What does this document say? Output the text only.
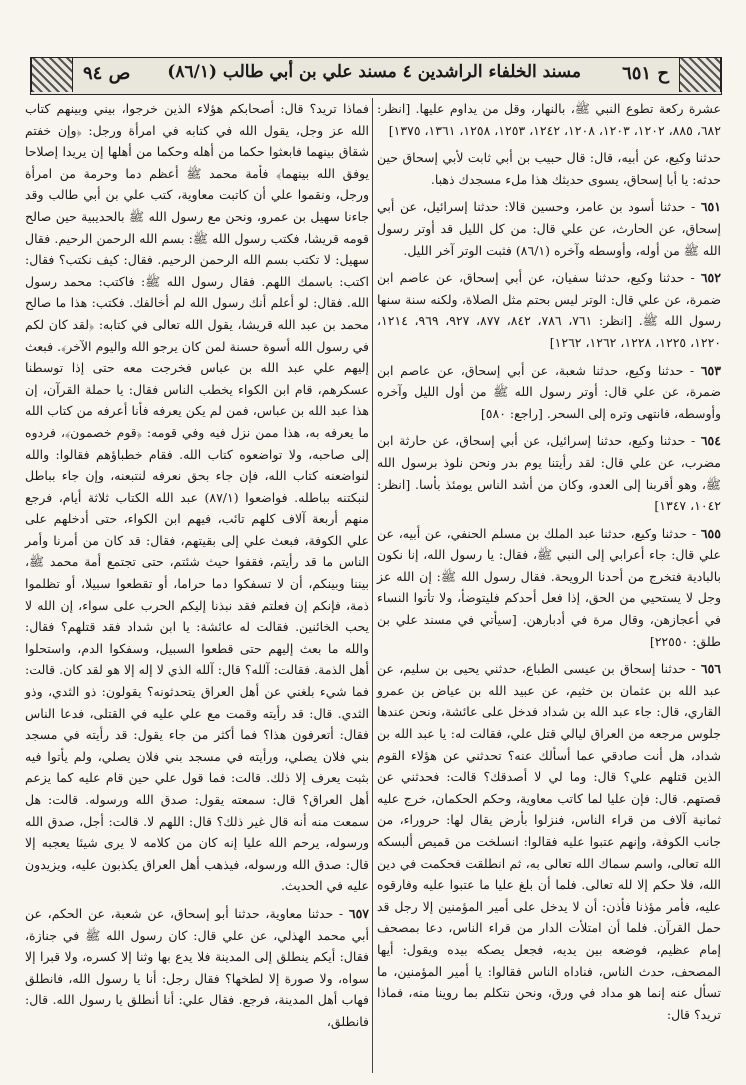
ص ٩٤ مسند الخلفاء الراشدين ٤ مسند علي بن أبي طالب (٨٦/١) ح ٦٥١

عشرة ركعة تطوع النبي ﷺ، بالنهار، وقل من يداوم عليها. [انظر: ٦٨٢، ٨٨٥، ١٢٠٢، ١٢٠٣، ١٢٠٨، ١٢٤٢، ١٢٥٣، ١٢٥٨، ١٣٦١، ١٣٧٥]

حدثنا وكيع، عن أبيه، قال: قال حبيب بن أبي ثابت لأبي إسحاق حين حدثه: يا أبا إسحاق، يسوى حديثك هذا ملء مسجدك ذهبا.

٦٥١ - حدثنا أسود بن عامر، وحسين قالا: حدثنا إسرائيل، عن أبي إسحاق، عن الحارث، عن علي قال: من كل الليل قد أوتر رسول الله ﷺ من أوله، وأوسطه وآخره (٨٦/١) فثبت الوتر آخر الليل.
٦٥٢ - حدثنا وكيع، حدثنا سفيان، عن أبي إسحاق، عن عاصم ابن ضمرة، عن علي قال: الوتر ليس بحتم مثل الصلاة، ولكنه سنة سنها رسول الله ﷺ. [انظر: ٧٦١، ٧٨٦، ٨٤٢، ٨٧٧، ٩٢٧، ٩٦٩، ١٢١٤، ١٢٢٠، ١٢٢٥، ١٢٢٨، ١٢٦٢، ١٢٦٢]
٦٥٣ - حدثنا وكيع، حدثنا شعبة، عن أبي إسحاق، عن عاصم ابن ضمرة، عن علي قال: أوتر رسول الله ﷺ من أول الليل وآخره وأوسطه، فانتهى وتره إلى السحر. [راجع: ٥٨٠]
٦٥٤ - حدثنا وكيع، حدثنا إسرائيل، عن أبي إسحاق، عن حارثة ابن مضرب، عن علي قال: لقد رأيتنا يوم بدر ونحن نلوذ برسول الله ﷺ، وهو أقربنا إلى العدو، وكان من أشد الناس يومئذ بأسا. [انظر: ١٠٤٢، ١٣٤٧]
٦٥٥ - حدثنا وكيع، حدثنا عبد الملك بن مسلم الحنفي، عن أبيه، عن علي قال: جاء أعرابي إلى النبي ﷺ، فقال: يا رسول الله، إنا نكون بالبادية فتخرج من أحدنا الرويحة. فقال رسول الله ﷺ: إن الله عز وجل لا يستحيي من الحق، إذا فعل أحدكم فليتوضأ، ولا تأتوا النساء في أعجازهن، وقال مرة في أدبارهن. [سيأتي في مسند علي بن طلق: ٢٢٥٥٠]
٦٥٦ - حدثنا إسحاق بن عيسى الطباع، حدثني يحيى بن سليم، عن عبد الله بن عثمان بن خثيم، عن عبيد الله بن عياض بن عمرو القاري، قال: جاء عبد الله بن شداد فدخل على عائشة، ونحن عندها جلوس مرجعه من العراق ليالي قتل علي، فقالت له: يا عبد الله بن شداد، هل أنت صادقي عما أسألك عنه؟ تحدثني عن هؤلاء القوم الذين قتلهم علي؟ قال: وما لي لا أصدقك؟ قالت: فحدثني عن قصتهم. قال: فإن عليا لما كاتب معاوية، وحكم الحكمان، خرج عليه ثمانية آلاف من قراء الناس، فنزلوا بأرض يقال لها: حروراء، من جانب الكوفة، وإنهم عتبوا عليه فقالوا: انسلخت من قميص ألبسكه الله تعالى، واسم سماك الله تعالى به، ثم انطلقت فحكمت في دين الله، فلا حكم إلا لله تعالى. فلما أن بلغ عليا ما عتبوا عليه وفارقوه عليه، فأمر مؤذنا فأذن: أن لا يدخل على أمير المؤمنين إلا رجل قد حمل القرآن. فلما أن امتلأت الدار من قراء الناس، دعا بمصحف إمام عظيم، فوضعه بين يديه، فجعل يصكه بيده ويقول: أيها المصحف، حدث الناس، فناداه الناس فقالوا: يا أمير المؤمنين، ما تسأل عنه إنما هو مداد في ورق، ونحن نتكلم بما روينا منه، فماذا تريد؟ قال:

فماذا تريد؟ قال: أصحابكم هؤلاء الذين خرجوا، بيني وبينهم كتاب الله عز وجل، يقول الله في كتابه في امرأة ورجل: ﴿وإن خفتم شقاق بينهما فابعثوا حكما من أهله وحكما من أهلها إن يريدا إصلاحا يوفق الله بينهما﴾ فأمة محمد ﷺ أعظم دما وحرمة من امرأة ورجل، ونقموا علي أن كاتبت معاوية، كتب علي بن أبي طالب وقد جاءنا سهيل بن عمرو، ونحن مع رسول الله ﷺ بالحديبية حين صالح قومه قريشا، فكتب رسول الله ﷺ: بسم الله الرحمن الرحيم. فقال سهيل: لا تكتب بسم الله الرحمن الرحيم. فقال: كيف نكتب؟ فقال: اكتب: باسمك اللهم. فقال رسول الله ﷺ: فاكتب: محمد رسول الله. فقال: لو أعلم أنك رسول الله لم أخالفك. فكتب: هذا ما صالح محمد بن عبد الله قريشا، يقول الله تعالى في كتابه: ﴿لقد كان لكم في رسول الله أسوة حسنة لمن كان يرجو الله واليوم الآخر﴾. فبعث إليهم علي عبد الله بن عباس فخرجت معه حتى إذا توسطنا عسكرهم، قام ابن الكواء يخطب الناس فقال: يا حملة القرآن، إن هذا عبد الله بن عباس، فمن لم يكن يعرفه فأنا أعرفه من كتاب الله ما يعرفه به، هذا ممن نزل فيه وفي قومه: ﴿قوم خصمون﴾، فردوه إلى صاحبه، ولا تواضعوه كتاب الله. فقام خطباؤهم فقالوا: والله لنواضعنه كتاب الله، فإن جاء بحق نعرفه لنتبعنه، وإن جاء بباطل لنبكتنه بباطله. فواضعوا (٨٧/١) عبد الله الكتاب ثلاثة أيام، فرجع منهم أربعة آلاف كلهم تائب، فيهم ابن الكواء، حتى أدخلهم على علي الكوفة، فبعث علي إلى بقيتهم، فقال: قد كان من أمرنا وأمر الناس ما قد رأيتم، فقفوا حيث شئتم، حتى تجتمع أمة محمد ﷺ، بيننا وبينكم، أن لا تسفكوا دما حراما، أو تقطعوا سبيلا، أو تظلموا ذمة، فإنكم إن فعلتم فقد نبذنا إليكم الحرب على سواء، إن الله لا يحب الخائنين. فقالت له عائشة: يا ابن شداد فقد قتلهم؟ فقال: والله ما بعث إليهم حتى قطعوا السبيل، وسفكوا الدم، واستحلوا أهل الذمة. فقالت: آلله؟ قال: آلله الذي لا إله إلا هو لقد كان. قالت: فما شيء بلغني عن أهل العراق يتحدثونه؟ يقولون: ذو الثدي، وذو الثدي. قال: قد رأيته وقمت مع علي عليه في القتلى، فدعا الناس فقال: أتعرفون هذا؟ فما أكثر من جاء يقول: قد رأيته في مسجد بني فلان يصلي، ورأيته في مسجد بني فلان يصلي، ولم يأتوا فيه بثبت يعرف إلا ذلك. قالت: فما قول علي حين قام عليه كما يزعم أهل العراق؟ قال: سمعته يقول: صدق الله ورسوله. قالت: هل سمعت منه أنه قال غير ذلك؟ قال: اللهم لا. قالت: أجل، صدق الله ورسوله، يرحم الله عليا إنه كان من كلامه لا يرى شيئا يعجبه إلا قال: صدق الله ورسوله، فيذهب أهل العراق يكذبون عليه، ويزيدون عليه في الحديث.

٦٥٧ - حدثنا معاوية، حدثنا أبو إسحاق، عن شعبة، عن الحكم، عن أبي محمد الهذلي، عن علي قال: كان رسول الله ﷺ في جنازة، فقال: أيكم ينطلق إلى المدينة فلا يدع بها وثنا إلا كسره، ولا قبرا إلا سواه، ولا صورة إلا لطخها؟ فقال رجل: أنا يا رسول الله، فانطلق فهاب أهل المدينة، فرجع. فقال علي: أنا أنطلق يا رسول الله. قال: فانطلق،
